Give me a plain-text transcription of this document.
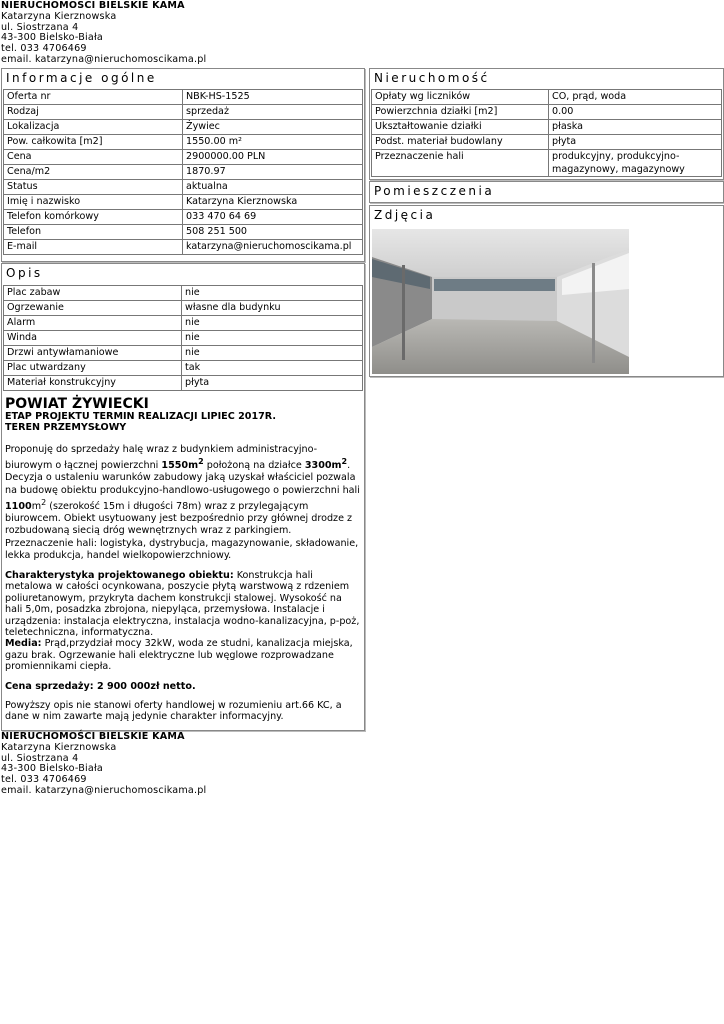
NIERUCHOMOŚCI BIELSKIE KAMA
Katarzyna Kierznowska
ul. Siostrzana 4
43-300 Bielsko-Biała
tel. 033 4706469
email. katarzyna@nieruchomoscikama.pl
Informacje ogólne
Oferta nr	NBK-HS-1525
Rodzaj	sprzedaż
Lokalizacja	Żywiec
Pow. całkowita [m2]	1550.00 m²
Cena	2900000.00 PLN
Cena/m2	1870.97
Status	aktualna
Imię i nazwisko	Katarzyna Kierznowska
Telefon komórkowy	033 470 64 69
Telefon	508 251 500
E-mail	katarzyna@nieruchomoscikama.pl
Opis
Plac zabaw	nie
Ogrzewanie	własne dla budynku
Alarm	nie
Winda	nie
Drzwi antywłamaniowe	nie
Plac utwardzany	tak
Materiał konstrukcyjny	płyta
POWIAT ŻYWIECKI
ETAP PROJEKTU TERMIN REALIZACJI LIPIEC 2017R.
TEREN PRZEMYSŁOWY

Proponuję do sprzedaży halę wraz z budynkiem administracyjno-biurowym o łącznej powierzchni $1550m^2$ położoną na działce $3300m^2$. Decyzja o ustaleniu warunków zabudowy jaką uzyskał właściciel pozwala na budowę obiektu produkcyjno-handlowo-usługowego o powierzchni hali $1100m^2$ (szerokość 15m i długości 78m) wraz z przylegającym biurowcem. Obiekt usytuowany jest bezpośrednio przy głównej drodze z rozbudowaną siecią dróg wewnętrznych wraz z parkingiem. Przeznaczenie hali: logistyka, dystrybucja, magazynowanie, składowanie, lekka produkcja, handel wielkopowierzchniowy.

Charakterystyka projektowanego obiektu: Konstrukcja hali metalowa w całości ocynkowana, poszycie płytą warstwową z rdzeniem poliuretanowym, przykryta dachem konstrukcji stalowej. Wysokość na hali 5,0m, posadzka zbrojona, niepyląca, przemysłowa. Instalacje i urządzenia: instalacja elektryczna, instalacja wodno-kanalizacyjna, p-poż, teletechniczna, informatyczna.
Media: Prąd,przydział mocy 32kW, woda ze studni, kanalizacja miejska, gazu brak. Ogrzewanie hali elektryczne lub węglowe rozprowadzane promiennikami ciepła.

Cena sprzedaży: 2 900 000zł netto.

Powyższy opis nie stanowi oferty handlowej w rozumieniu art.66 KC, a dane w nim zawarte mają jedynie charakter informacyjny.

NIERUCHOMOŚCI BIELSKIE KAMA
Katarzyna Kierznowska
ul. Siostrzana 4
43-300 Bielsko-Biała
tel. 033 4706469
email. katarzyna@nieruchomoscikama.pl
Nieruchomość
Opłaty wg liczników	CO, prąd, woda
Powierzchnia działki [m2]	0.00
Ukształtowanie działki	płaska
Podst. materiał budowlany	płyta
Przeznaczenie hali	produkcyjny, produkcyjno-magazynowy, magazynowy
Pomieszczenia
Zdjęcia
